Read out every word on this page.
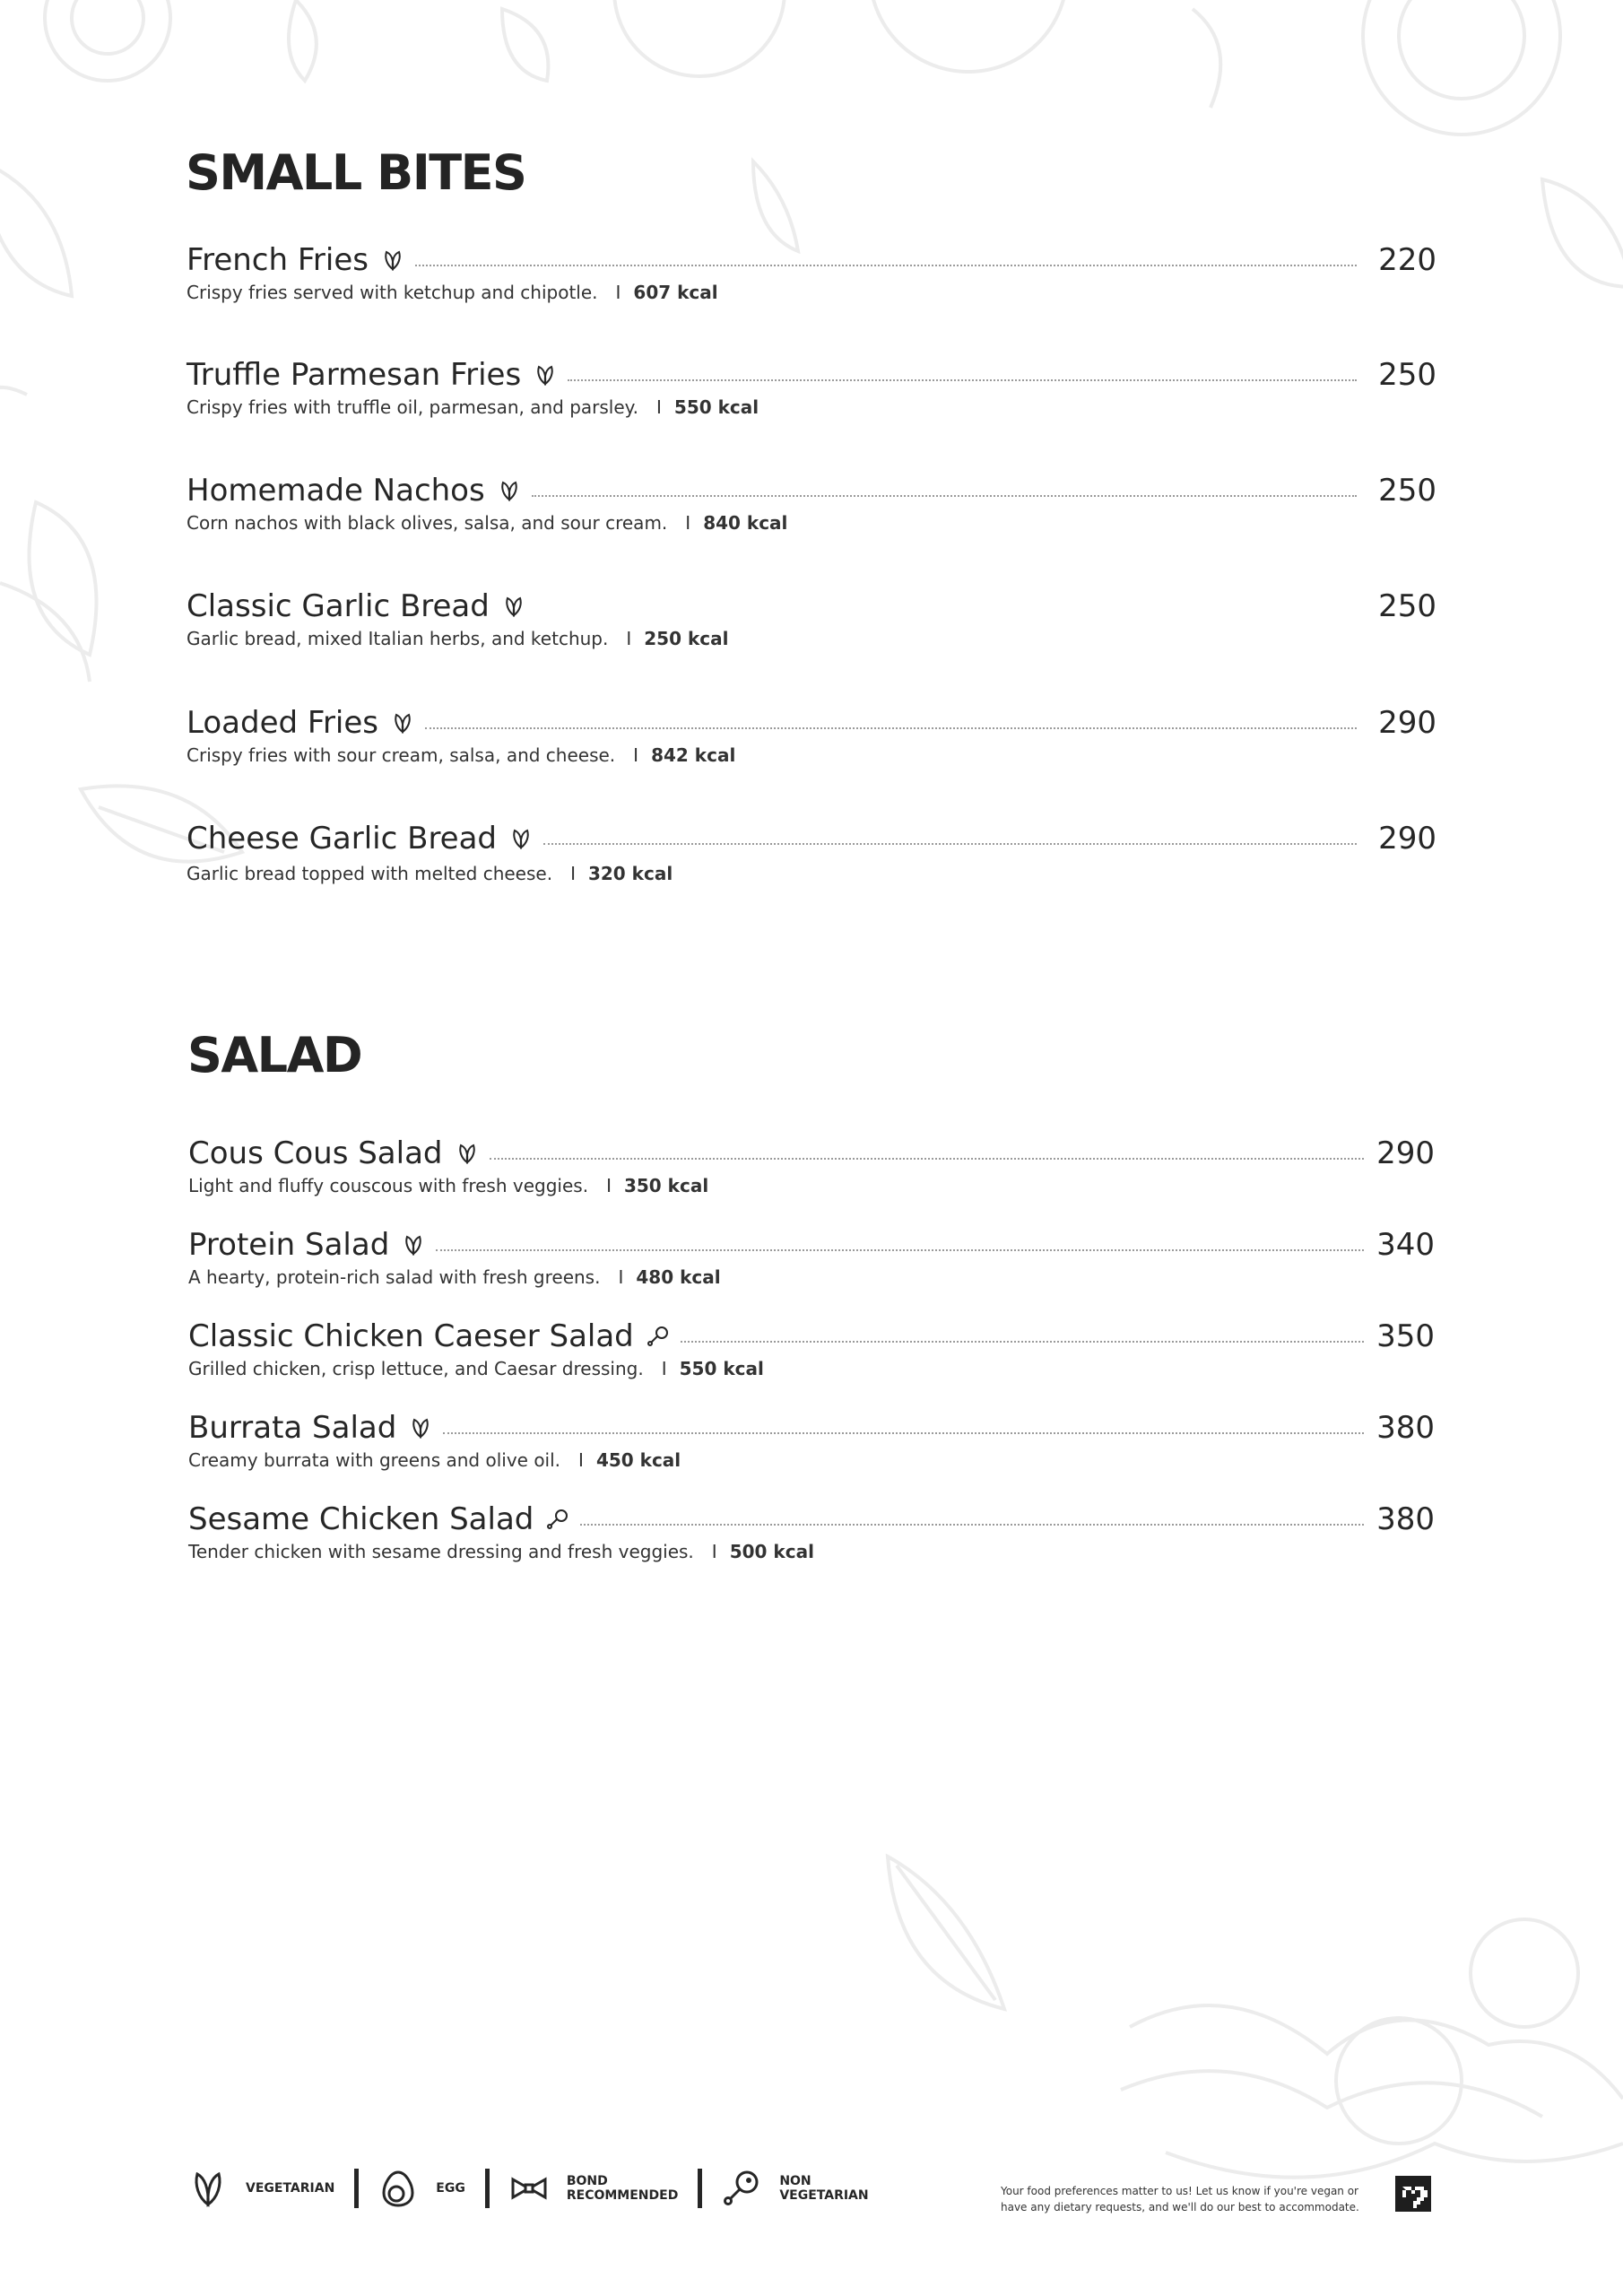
SMALL BITES
French Fries	220
Crispy fries served with ketchup and chipotle. I 607 kcal
Truffle Parmesan Fries	250
Crispy fries with truffle oil, parmesan, and parsley. I 550 kcal
Homemade Nachos	250
Corn nachos with black olives, salsa, and sour cream. I 840 kcal
Classic Garlic Bread	250
Garlic bread, mixed Italian herbs, and ketchup. I 250 kcal
Loaded Fries	290
Crispy fries with sour cream, salsa, and cheese. I 842 kcal
Cheese Garlic Bread	290
Garlic bread topped with melted cheese. I 320 kcal
SALAD
Cous Cous Salad	290
Light and fluffy couscous with fresh veggies. I 350 kcal
Protein Salad	340
A hearty, protein-rich salad with fresh greens. I 480 kcal
Classic Chicken Caeser Salad	350
Grilled chicken, crisp lettuce, and Caesar dressing. I 550 kcal
Burrata Salad	380
Creamy burrata with greens and olive oil. I 450 kcal
Sesame Chicken Salad	380
Tender chicken with sesame dressing and fresh veggies. I 500 kcal
VEGETARIAN	EGG
BOND
RECOMMENDED
NON
VEGETARIAN	Your food preferences matter to us! Let us know if you're vegan or
have any dietary requests, and we'll do our best to accommodate.
